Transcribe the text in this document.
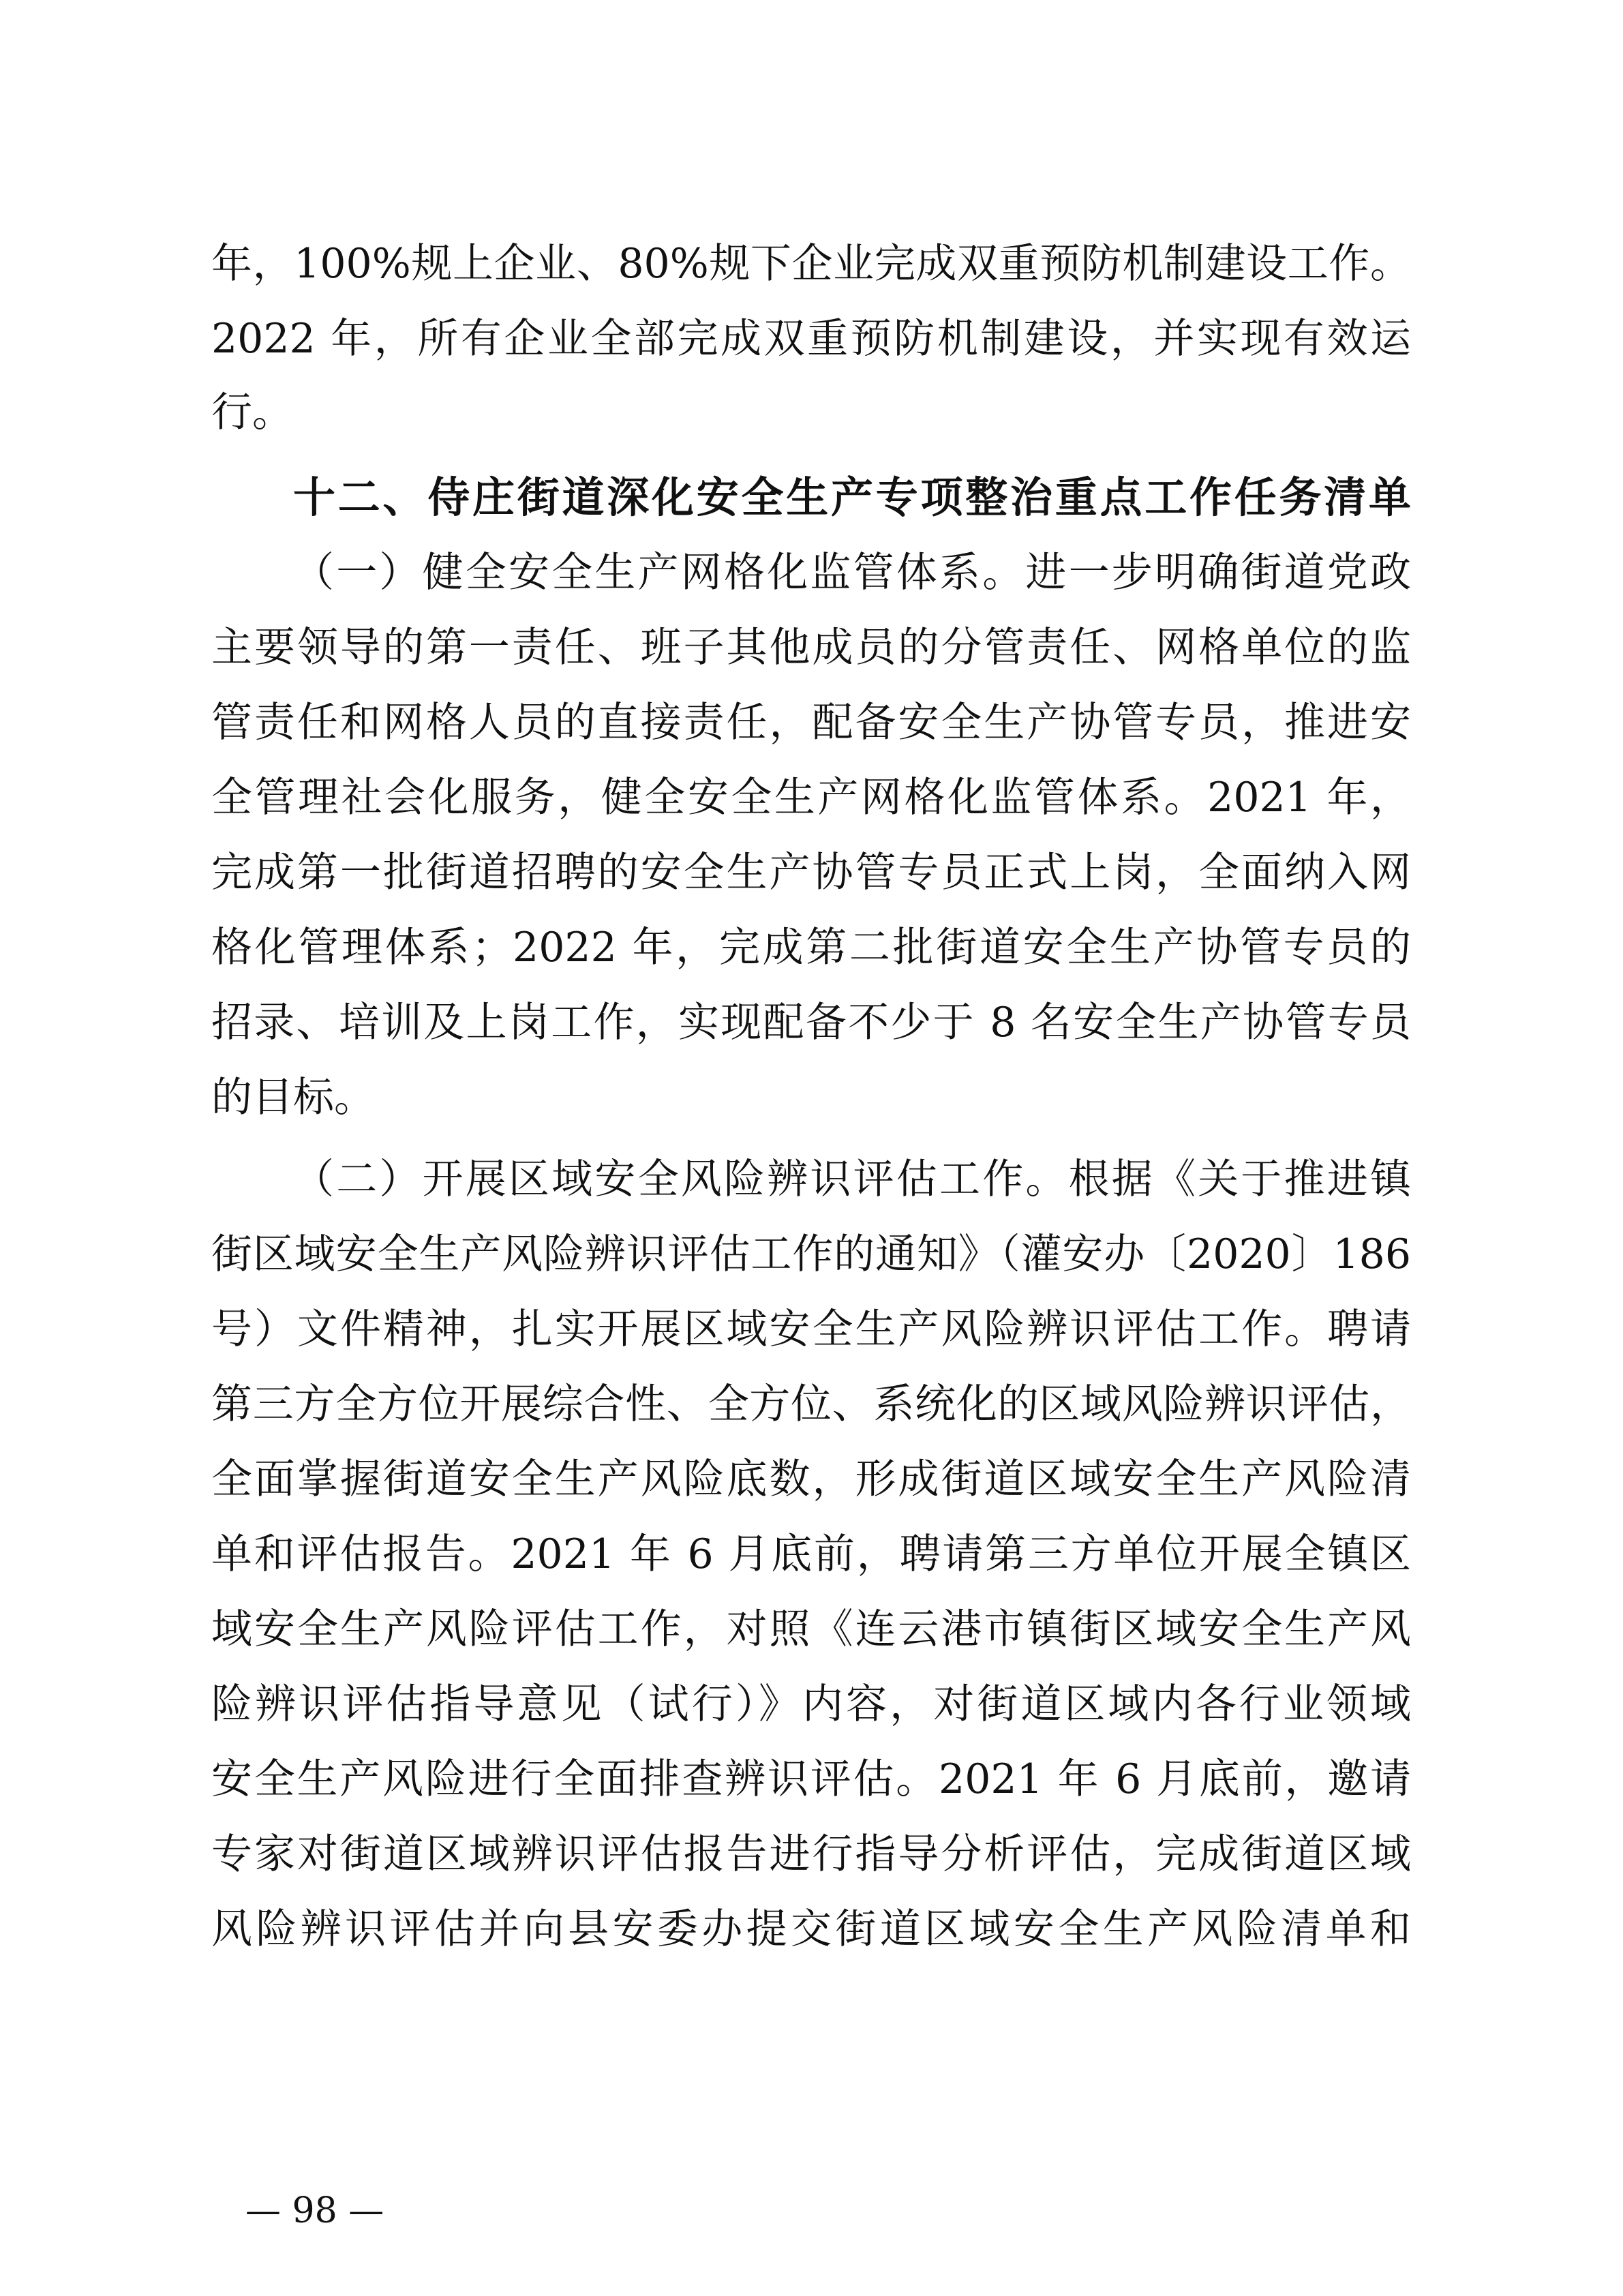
年，100%规上企业、80%规下企业完成双重预防机制建设工作。
2022 年，所有企业全部完成双重预防机制建设，并实现有效运
行。
十二、侍庄街道深化安全生产专项整治重点工作任务清单
（一）健全安全生产网格化监管体系。进一步明确街道党政
主要领导的第一责任、班子其他成员的分管责任、网格单位的监
管责任和网格人员的直接责任，配备安全生产协管专员，推进安
全管理社会化服务，健全安全生产网格化监管体系。2021 年，
完成第一批街道招聘的安全生产协管专员正式上岗，全面纳入网
格化管理体系；2022 年，完成第二批街道安全生产协管专员的
招录、培训及上岗工作，实现配备不少于 8 名安全生产协管专员
的目标。
（二）开展区域安全风险辨识评估工作。根据《关于推进镇
街区域安全生产风险辨识评估工作的通知》（灌安办〔2020〕186
号）文件精神，扎实开展区域安全生产风险辨识评估工作。聘请
第三方全方位开展综合性、全方位、系统化的区域风险辨识评估，
全面掌握街道安全生产风险底数，形成街道区域安全生产风险清
单和评估报告。2021 年 6 月底前，聘请第三方单位开展全镇区
域安全生产风险评估工作，对照《连云港市镇街区域安全生产风
险辨识评估指导意见（试行）》内容，对街道区域内各行业领域
安全生产风险进行全面排查辨识评估。2021 年 6 月底前，邀请
专家对街道区域辨识评估报告进行指导分析评估，完成街道区域
风险辨识评估并向县安委办提交街道区域安全生产风险清单和
— 98 —
